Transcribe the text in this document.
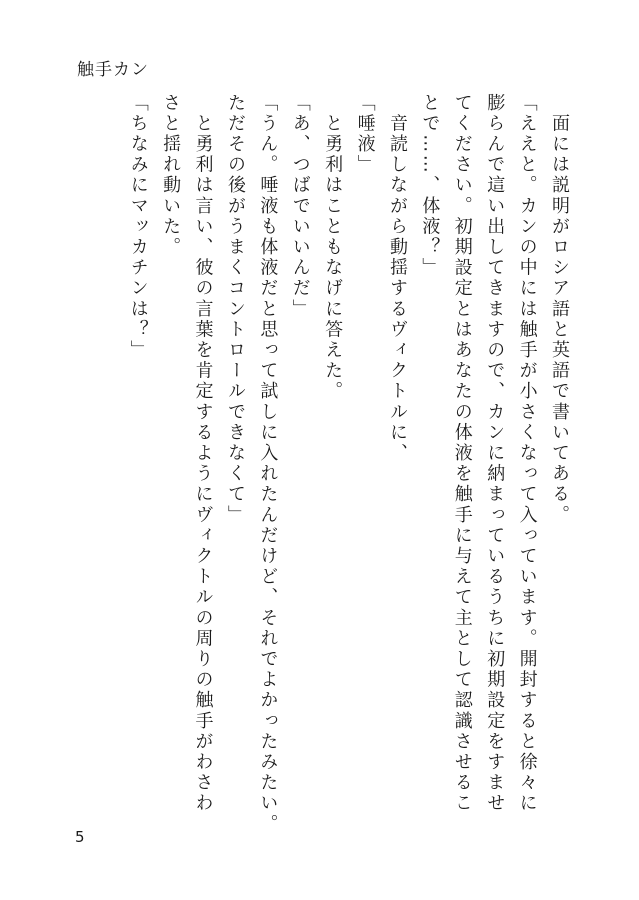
触手カン

　面には説明がロシア語と英語で書いてある。

「ええと。カンの中には触手が小さくなって入っています。開封すると徐々に

膨らんで這い出してきますので、カンに納まっているうちに初期設定をすませ

てください。初期設定とはあなたの体液を触手に与えて主として認識させるこ

とで……、体液？」

　音読しながら動揺するヴィクトルに、

「唾液」

　と勇利はこともなげに答えた。

「あ、つばでいいんだ」

「うん。唾液も体液だと思って試しに入れたんだけど、それでよかったみたい。

ただその後がうまくコントロールできなくて」

　と勇利は言い、彼の言葉を肯定するようにヴィクトルの周りの触手がわさわ

さと揺れ動いた。

「ちなみにマッカチンは？」

5
